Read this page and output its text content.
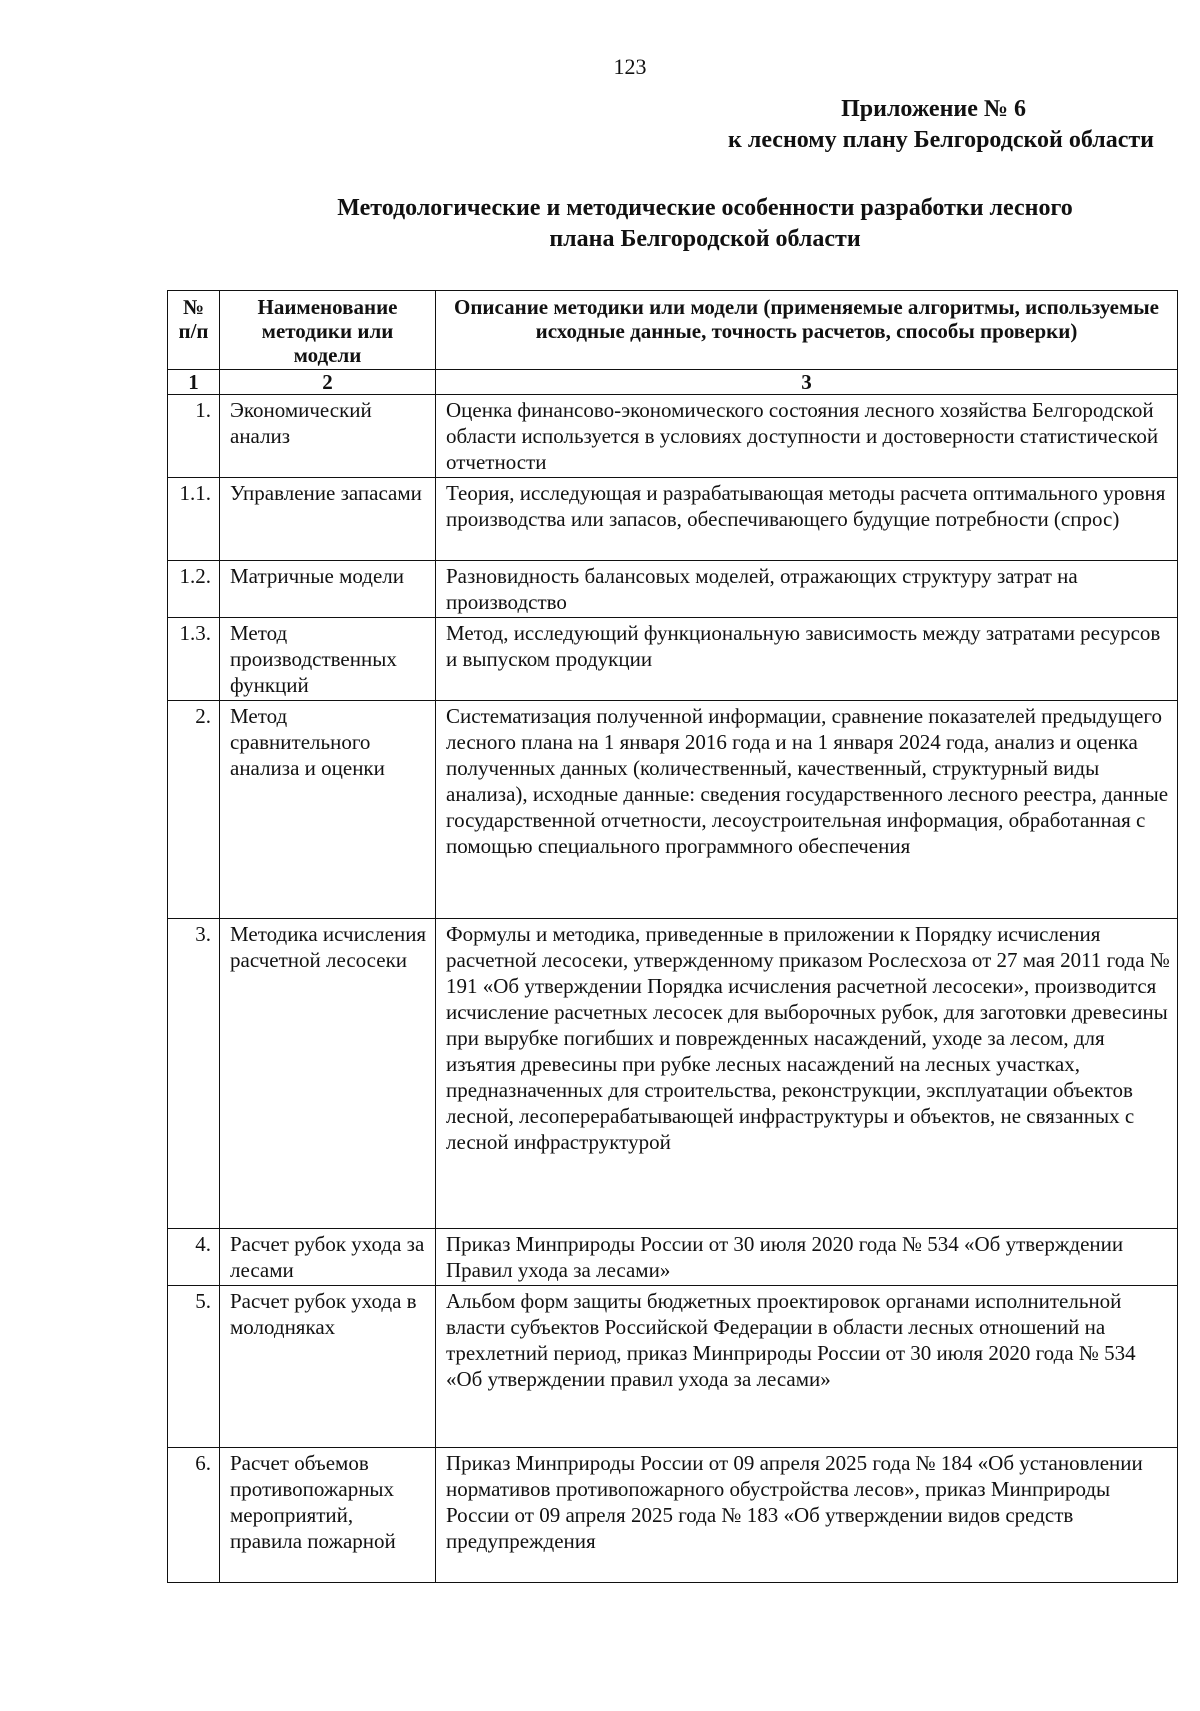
123
Приложение № 6
к лесному плану Белгородской области
Методологические и методические особенности разработки лесного
плана Белгородской области
№ п/п	Наименование методики или модели	Описание методики или модели (применяемые алгоритмы, используемые исходные данные, точность расчетов, способы проверки)
1	2	3
1.	Экономический анализ	Оценка финансово-экономического состояния лесного хозяйства Белгородской области используется в условиях доступности и достоверности статистической отчетности
1.1.	Управление запасами	Теория, исследующая и разрабатывающая методы расчета оптимального уровня производства или запасов, обеспечивающего будущие потребности (спрос)
1.2.	Матричные модели	Разновидность балансовых моделей, отражающих структуру затрат на производство
1.3.	Метод производственных функций	Метод, исследующий функциональную зависимость между затратами ресурсов и выпуском продукции
2.	Метод сравнительного анализа и оценки	Систематизация полученной информации, сравнение показателей предыдущего лесного плана на 1 января 2016 года и на 1 января 2024 года, анализ и оценка полученных данных (количественный, качественный, структурный виды анализа), исходные данные: сведения государственного лесного реестра, данные государственной отчетности, лесоустроительная информация, обработанная с помощью специального программного обеспечения
3.	Методика исчисления расчетной лесосеки	Формулы и методика, приведенные в приложении к Порядку исчисления расчетной лесосеки, утвержденному приказом Рослесхоза от 27 мая 2011 года № 191 «Об утверждении Порядка исчисления расчетной лесосеки», производится исчисление расчетных лесосек для выборочных рубок, для заготовки древесины при вырубке погибших и поврежденных насаждений, уходе за лесом, для изъятия древесины при рубке лесных насаждений на лесных участках, предназначенных для строительства, реконструкции, эксплуатации объектов лесной, лесоперерабатывающей инфраструктуры и объектов, не связанных с лесной инфраструктурой
4.	Расчет рубок ухода за лесами	Приказ Минприроды России от 30 июля 2020 года № 534 «Об утверждении Правил ухода за лесами»
5.	Расчет рубок ухода в молодняках	Альбом форм защиты бюджетных проектировок органами исполнительной власти субъектов Российской Федерации в области лесных отношений на трехлетний период, приказ Минприроды России от 30 июля 2020 года № 534 «Об утверждении правил ухода за лесами»
6.	Расчет объемов противопожарных мероприятий, правила пожарной	Приказ Минприроды России от 09 апреля 2025 года № 184 «Об установлении нормативов противопожарного обустройства лесов», приказ Минприроды России от 09 апреля 2025 года № 183 «Об утверждении видов средств предупреждения
